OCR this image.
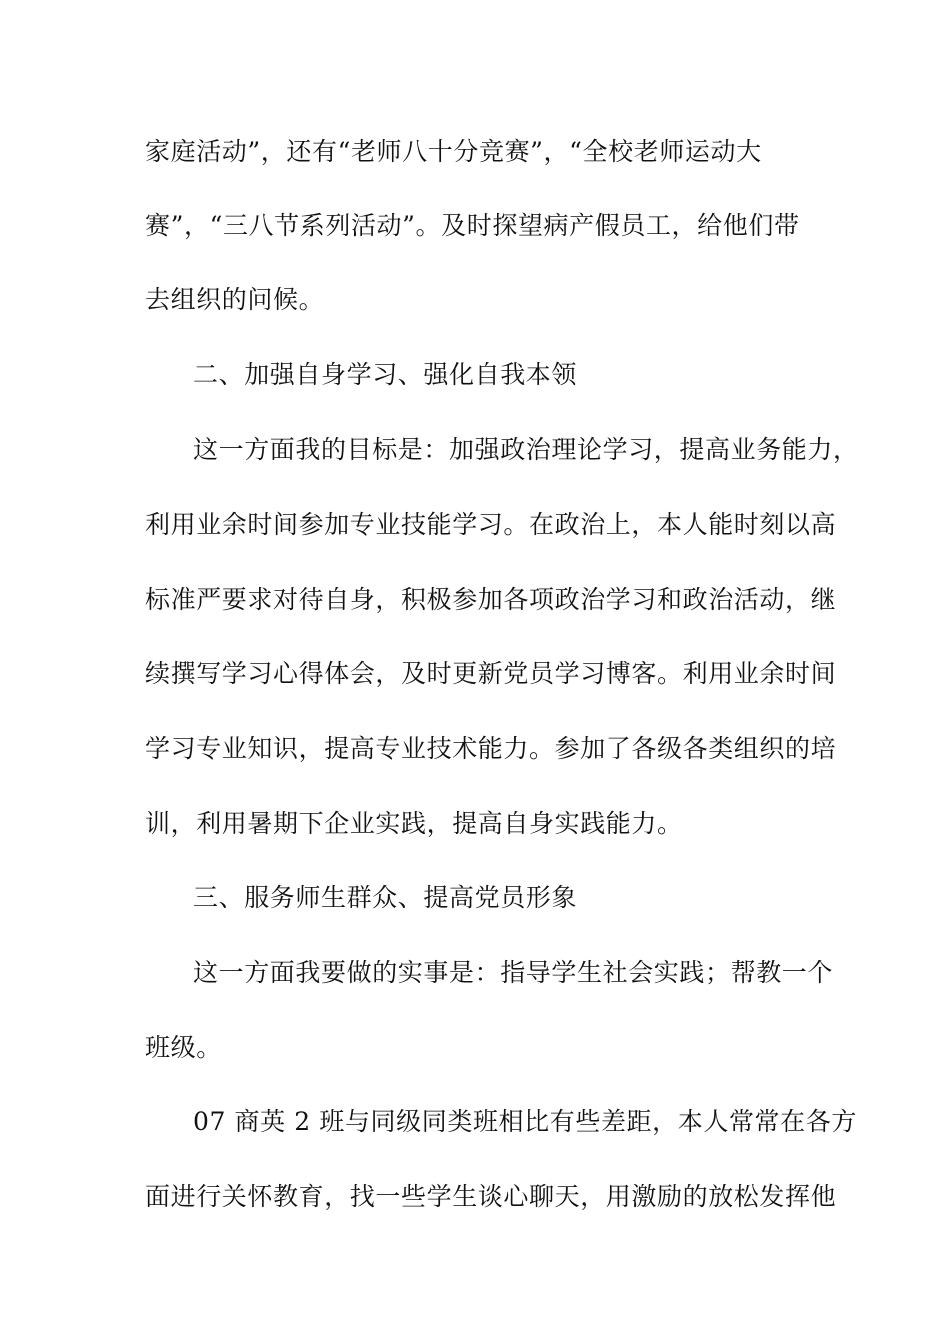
家庭活动”，还有“老师八十分竞赛”，“全校老师运动大
赛”，“三八节系列活动”。及时探望病产假员工，给他们带
去组织的问候。
二、加强自身学习、强化自我本领
这一方面我的目标是：加强政治理论学习，提高业务能力，
利用业余时间参加专业技能学习。在政治上，本人能时刻以高
标准严要求对待自身，积极参加各项政治学习和政治活动，继
续撰写学习心得体会，及时更新党员学习博客。利用业余时间
学习专业知识，提高专业技术能力。参加了各级各类组织的培
训，利用暑期下企业实践，提高自身实践能力。
三、服务师生群众、提高党员形象
这一方面我要做的实事是：指导学生社会实践；帮教一个
班级。
07 商英 2 班与同级同类班相比有些差距，本人常常在各方
面进行关怀教育，找一些学生谈心聊天，用激励的放松发挥他
